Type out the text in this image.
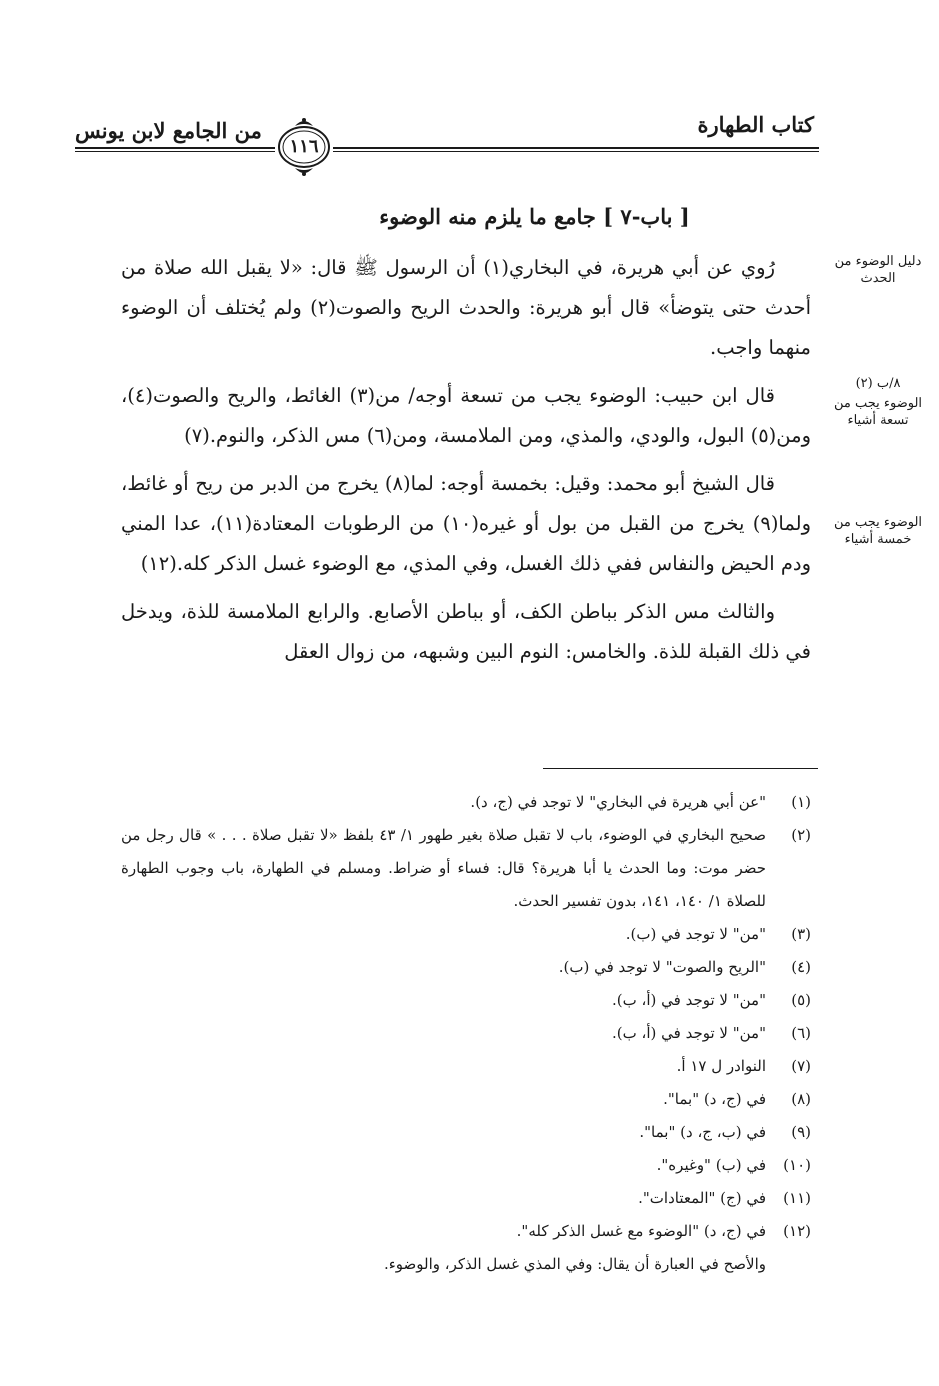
كتاب الطهارة
من الجامع لابن يونس
١١٦
[ باب-٧ ] جامع ما يلزم منه الوضوء
دليل الوضوء من الحدث
٨/ب (٢)
الوضوء يجب من تسعة أشياء
الوضوء يجب من خمسة أشياء

رُوي عن أبي هريرة، في البخاري(١) أن الرسول ﷺ قال: «لا يقبل الله صلاة من أحدث حتى يتوضأ» قال أبو هريرة: والحدث الريح والصوت(٢) ولم يُختلف أن الوضوء منهما واجب.

قال ابن حبيب: الوضوء يجب من تسعة أوجه/ من(٣) الغائط، والريح والصوت(٤)، ومن(٥) البول، والودي، والمذي، ومن الملامسة، ومن(٦) مس الذكر، والنوم.(٧)

قال الشيخ أبو محمد: وقيل: بخمسة أوجه: لما(٨) يخرج من الدبر من ريح أو غائط، ولما(٩) يخرج من القبل من بول أو غيره(١٠) من الرطوبات المعتادة(١١)، عدا المني ودم الحيض والنفاس ففي ذلك الغسل، وفي المذي، مع الوضوء غسل الذكر كله.(١٢)

والثالث مس الذكر بباطن الكف، أو بباطن الأصابع. والرابع الملامسة للذة، ويدخل في ذلك القبلة للذة. والخامس: النوم البين وشبهه، من زوال العقل

(١)
"عن أبي هريرة في البخاري" لا توجد في (ج، د).
(٢)
صحيح البخاري في الوضوء، باب لا تقبل صلاة بغير طهور ١/ ٤٣ بلفظ «لا تقبل صلاة . . . » قال رجل من حضر موت: وما الحدث يا أبا هريرة؟ قال: فساء أو ضراط. ومسلم في الطهارة، باب وجوب الطهارة للصلاة ١/ ١٤٠، ١٤١، بدون تفسير الحدث.
(٣)
"من" لا توجد في (ب).
(٤)
"الريح والصوت" لا توجد في (ب).
(٥)
"من" لا توجد في (أ، ب).
(٦)
"من" لا توجد في (أ، ب).
(٧)
النوادر ل ١٧ أ.
(٨)
في (ج، د) "بما".
(٩)
في (ب، ج، د) "بما".
(١٠)
في (ب) "وغيره".
(١١)
في (ج) "المعتادات".
(١٢)
في (ج، د) "الوضوء مع غسل الذكر كله".
والأصح في العبارة أن يقال: وفي المذي غسل الذكر، والوضوء.
